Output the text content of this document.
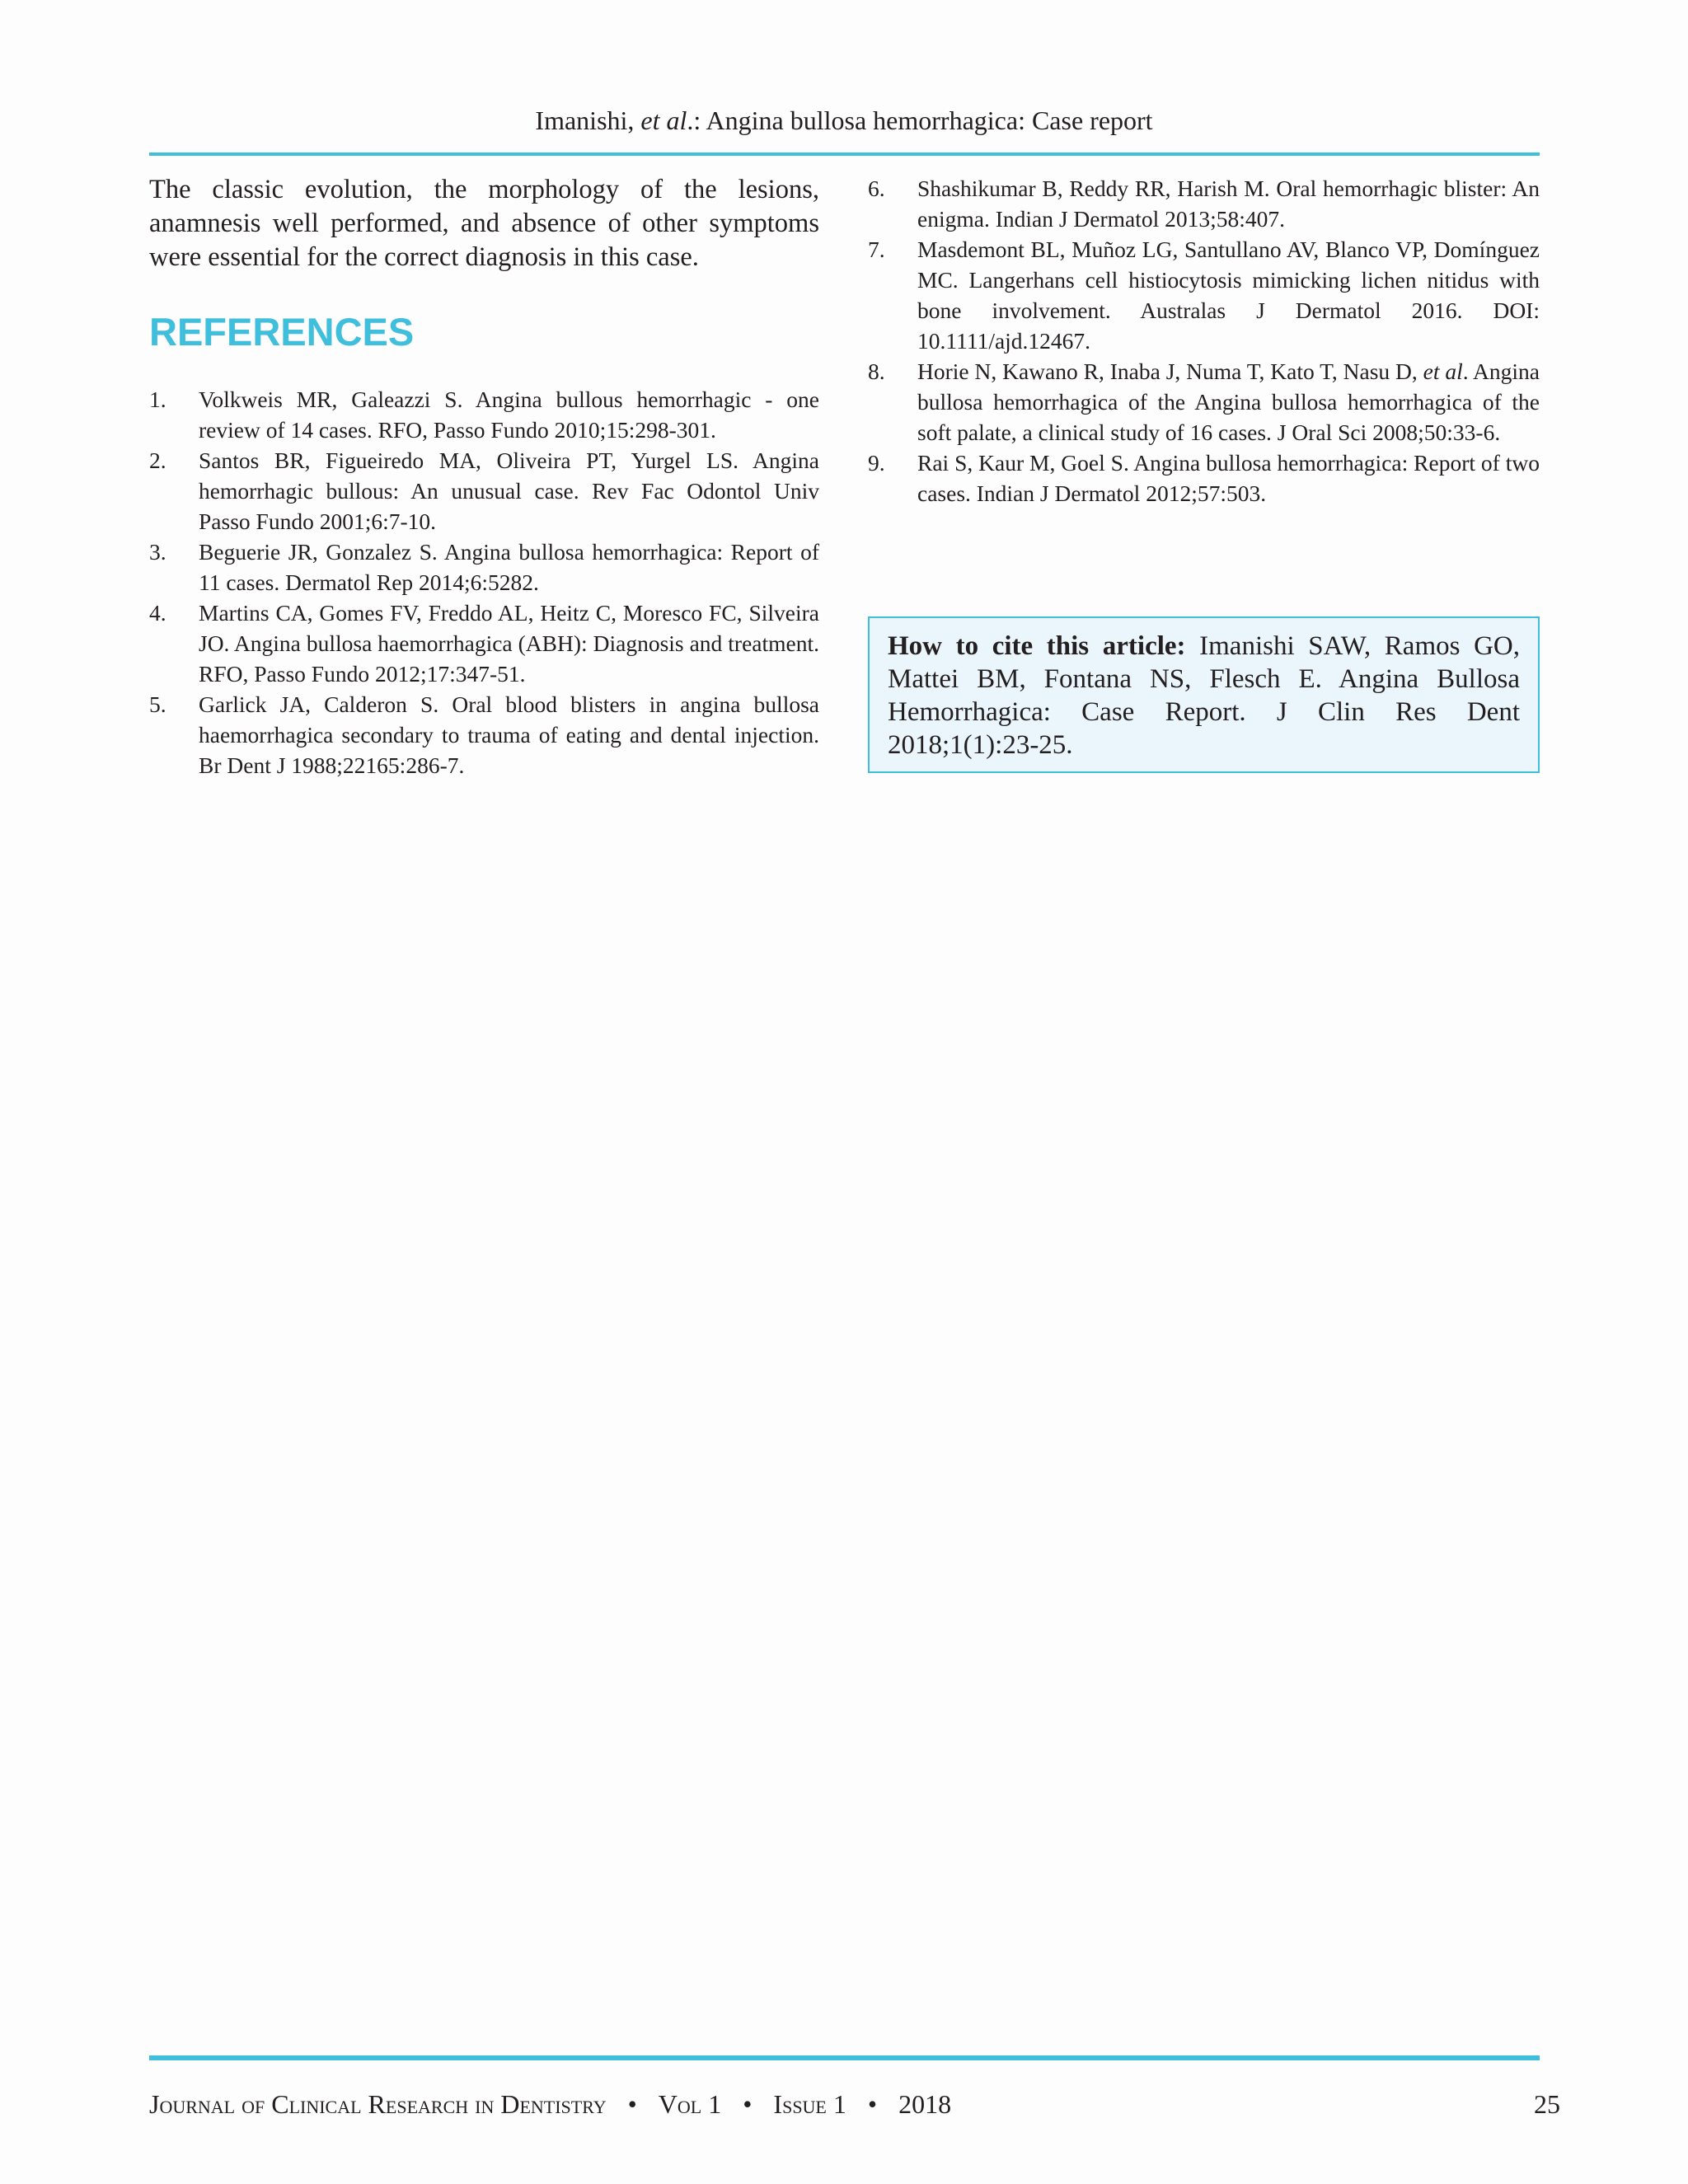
Imanishi, et al.: Angina bullosa hemorrhagica: Case report

The classic evolution, the morphology of the lesions, anamnesis well performed, and absence of other symptoms were essential for the correct diagnosis in this case.

REFERENCES
1. Volkweis MR, Galeazzi S. Angina bullous hemorrhagic - one review of 14 cases. RFO, Passo Fundo 2010;15:298-301.
2. Santos BR, Figueiredo MA, Oliveira PT, Yurgel LS. Angina hemorrhagic bullous: An unusual case. Rev Fac Odontol Univ Passo Fundo 2001;6:7-10.
3. Beguerie JR, Gonzalez S. Angina bullosa hemorrhagica: Report of 11 cases. Dermatol Rep 2014;6:5282.
4. Martins CA, Gomes FV, Freddo AL, Heitz C, Moresco FC, Silveira JO. Angina bullosa haemorrhagica (ABH): Diagnosis and treatment. RFO, Passo Fundo 2012;17:347-51.
5. Garlick JA, Calderon S. Oral blood blisters in angina bullosa haemorrhagica secondary to trauma of eating and dental injection. Br Dent J 1988;22165:286-7.
6. Shashikumar B, Reddy RR, Harish M. Oral hemorrhagic blister: An enigma. Indian J Dermatol 2013;58:407.
7. Masdemont BL, Muñoz LG, Santullano AV, Blanco VP, Domínguez MC. Langerhans cell histiocytosis mimicking lichen nitidus with bone involvement. Australas J Dermatol 2016. DOI: 10.1111/ajd.12467.
8. Horie N, Kawano R, Inaba J, Numa T, Kato T, Nasu D, et al. Angina bullosa hemorrhagica of the Angina bullosa hemorrhagica of the soft palate, a clinical study of 16 cases. J Oral Sci 2008;50:33-6.
9. Rai S, Kaur M, Goel S. Angina bullosa hemorrhagica: Report of two cases. Indian J Dermatol 2012;57:503.
How to cite this article: Imanishi SAW, Ramos GO, Mattei BM, Fontana NS, Flesch E. Angina Bullosa Hemorrhagica: Case Report. J Clin Res Dent 2018;1(1):23-25.
Journal of Clinical Research in Dentistry • Vol 1 • Issue 1 • 2018	25
